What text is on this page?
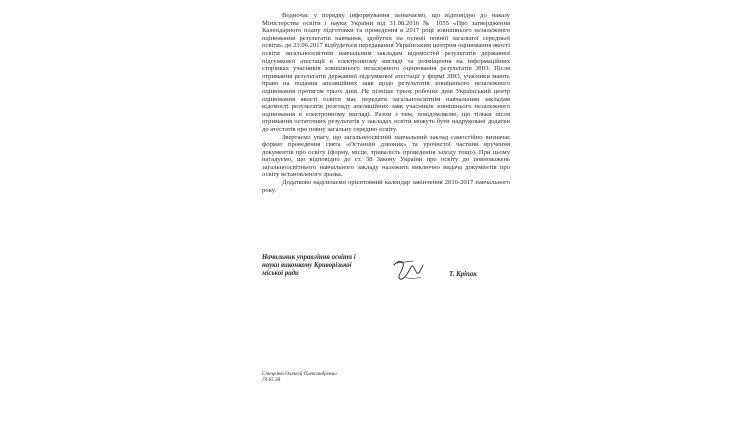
Водночас у порядку інформування зазначаємо, що відповідно до наказу Міністерства освіти і науки України від 31.08.2016 № 1055 «Про затвердження Календарного плану підготовки та проведення в 2017 році зовнішнього незалежного оцінювання результатів навчання, здобутих на основі повної загальної середньої освіти» до 23.06.2017 відбудеться передавання Українським центром оцінювання якості освіти загальноосвітнім навчальним закладам відомостей результатів державної підсумкової атестації в електронному вигляді та розміщення на інформаційних сторінках учасників зовнішнього незалежного оцінювання результатів ЗНО. Після отримання результатів державної підсумкової атестації у формі ЗНО, учасники мають право на подання апеляційних заяв щодо результатів зовнішнього незалежного оцінювання протягом трьох днів. Не пізніше трьох робочих днів Український центр оцінювання якості освіти має передати загальноосвітнім навчальним закладам відомості результатів розгляду апеляційних заяв учасників зовнішнього незалежного оцінювання в електронному вигляді. Разом з тим, повідомляємо, що тільки після отримання остаточних результатів у закладах освіти можуть бути надруковані додатки до атестатів про повну загальну середню освіту.

Звертаємо увагу, що загальноосвітній навчальний заклад самостійно визначає формат проведення свята «Останній дзвоник» та урочистої частини вручення документів про освіту (форму, місце, тривалість проведення заходу тощо). При цьому нагадуємо, що відповідно до ст. 38 Закону України про освіту до повноважень загальноосвітнього навчального закладу належить виключно видача документів про освіту встановленого зразка.

Додатково надсилаємо орієнтовний календар закінчення 2016-2017 навчального року.

Начальник управління освіти і
науки виконкому Криворізької
міської ради	Т. Кріпак
Стеценко Олексій Олександрович
74 65 38
